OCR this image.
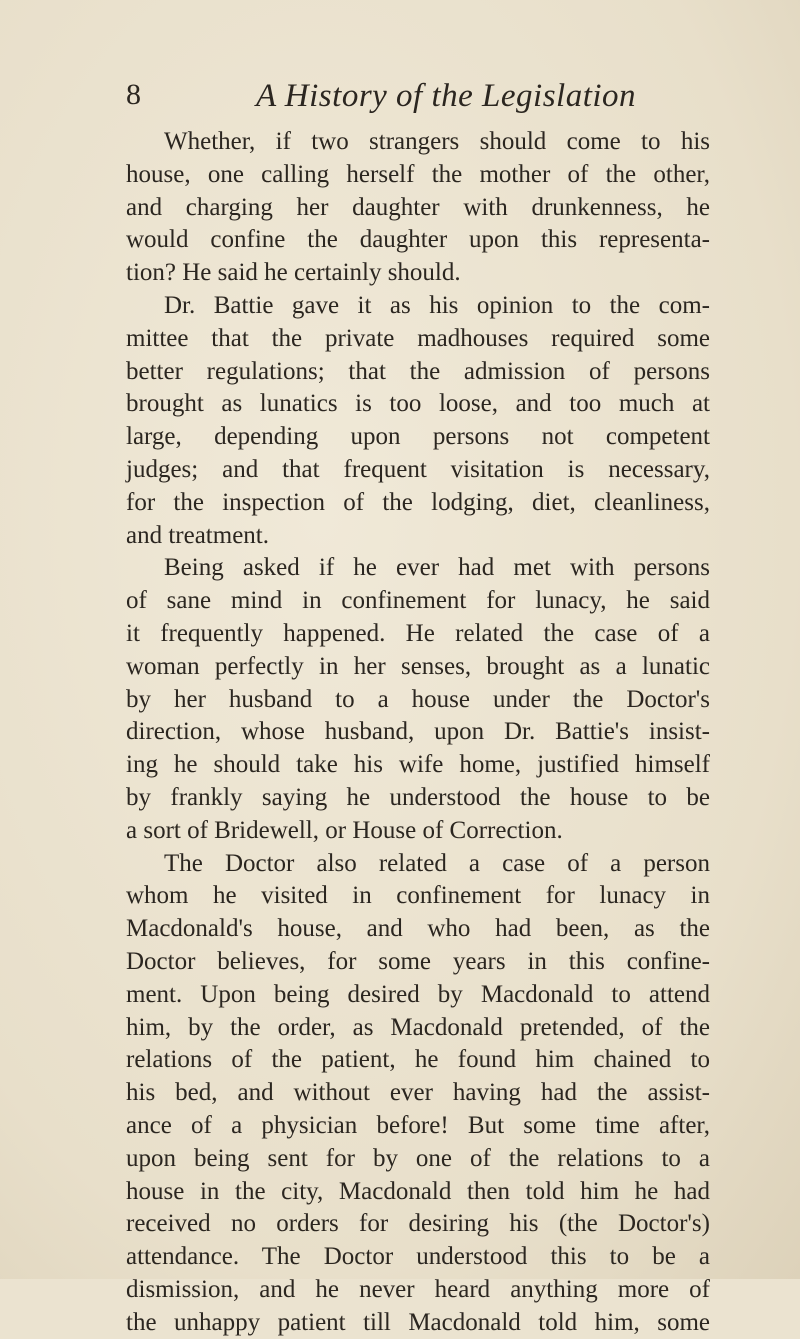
8	A History of the Legislation
Whether, if two strangers should come to his
house, one calling herself the mother of the other,
and charging her daughter with drunkenness, he
would confine the daughter upon this representa-
tion? He said he certainly should.
Dr. Battie gave it as his opinion to the com-
mittee that the private madhouses required some
better regulations; that the admission of persons
brought as lunatics is too loose, and too much at
large, depending upon persons not competent
judges; and that frequent visitation is necessary,
for the inspection of the lodging, diet, cleanliness,
and treatment.
Being asked if he ever had met with persons
of sane mind in confinement for lunacy, he said
it frequently happened. He related the case of a
woman perfectly in her senses, brought as a lunatic
by her husband to a house under the Doctor's
direction, whose husband, upon Dr. Battie's insist-
ing he should take his wife home, justified himself
by frankly saying he understood the house to be
a sort of Bridewell, or House of Correction.
The Doctor also related a case of a person
whom he visited in confinement for lunacy in
Macdonald's house, and who had been, as the
Doctor believes, for some years in this confine-
ment. Upon being desired by Macdonald to attend
him, by the order, as Macdonald pretended, of the
relations of the patient, he found him chained to
his bed, and without ever having had the assist-
ance of a physician before! But some time after,
upon being sent for by one of the relations to a
house in the city, Macdonald then told him he had
received no orders for desiring his (the Doctor's)
attendance. The Doctor understood this to be a
dismission, and he never heard anything more of
the unhappy patient till Macdonald told him, some
